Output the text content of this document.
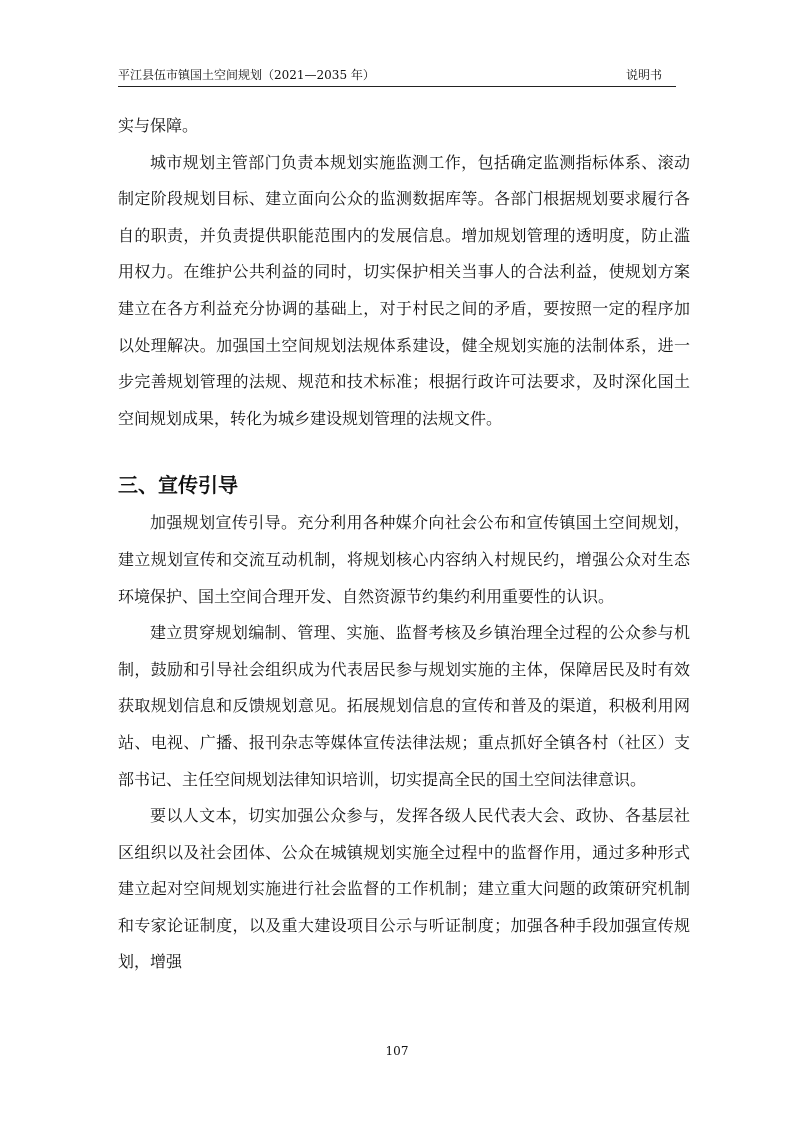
平江县伍市镇国土空间规划（2021—2035 年）	说明书

实与保障。

城市规划主管部门负责本规划实施监测工作，包括确定监测指标体系、滚动制定阶段规划目标、建立面向公众的监测数据库等。各部门根据规划要求履行各自的职责，并负责提供职能范围内的发展信息。增加规划管理的透明度，防止滥用权力。在维护公共利益的同时，切实保护相关当事人的合法利益，使规划方案建立在各方利益充分协调的基础上，对于村民之间的矛盾，要按照一定的程序加以处理解决。加强国土空间规划法规体系建设，健全规划实施的法制体系，进一步完善规划管理的法规、规范和技术标准；根据行政许可法要求，及时深化国土空间规划成果，转化为城乡建设规划管理的法规文件。

三、宣传引导

加强规划宣传引导。充分利用各种媒介向社会公布和宣传镇国土空间规划，建立规划宣传和交流互动机制，将规划核心内容纳入村规民约，增强公众对生态环境保护、国土空间合理开发、自然资源节约集约利用重要性的认识。

建立贯穿规划编制、管理、实施、监督考核及乡镇治理全过程的公众参与机制，鼓励和引导社会组织成为代表居民参与规划实施的主体，保障居民及时有效获取规划信息和反馈规划意见。拓展规划信息的宣传和普及的渠道，积极利用网站、电视、广播、报刊杂志等媒体宣传法律法规；重点抓好全镇各村（社区）支部书记、主任空间规划法律知识培训，切实提高全民的国土空间法律意识。

要以人文本，切实加强公众参与，发挥各级人民代表大会、政协、各基层社区组织以及社会团体、公众在城镇规划实施全过程中的监督作用，通过多种形式建立起对空间规划实施进行社会监督的工作机制；建立重大问题的政策研究机制和专家论证制度，以及重大建设项目公示与听证制度；加强各种手段加强宣传规划，增强

107
